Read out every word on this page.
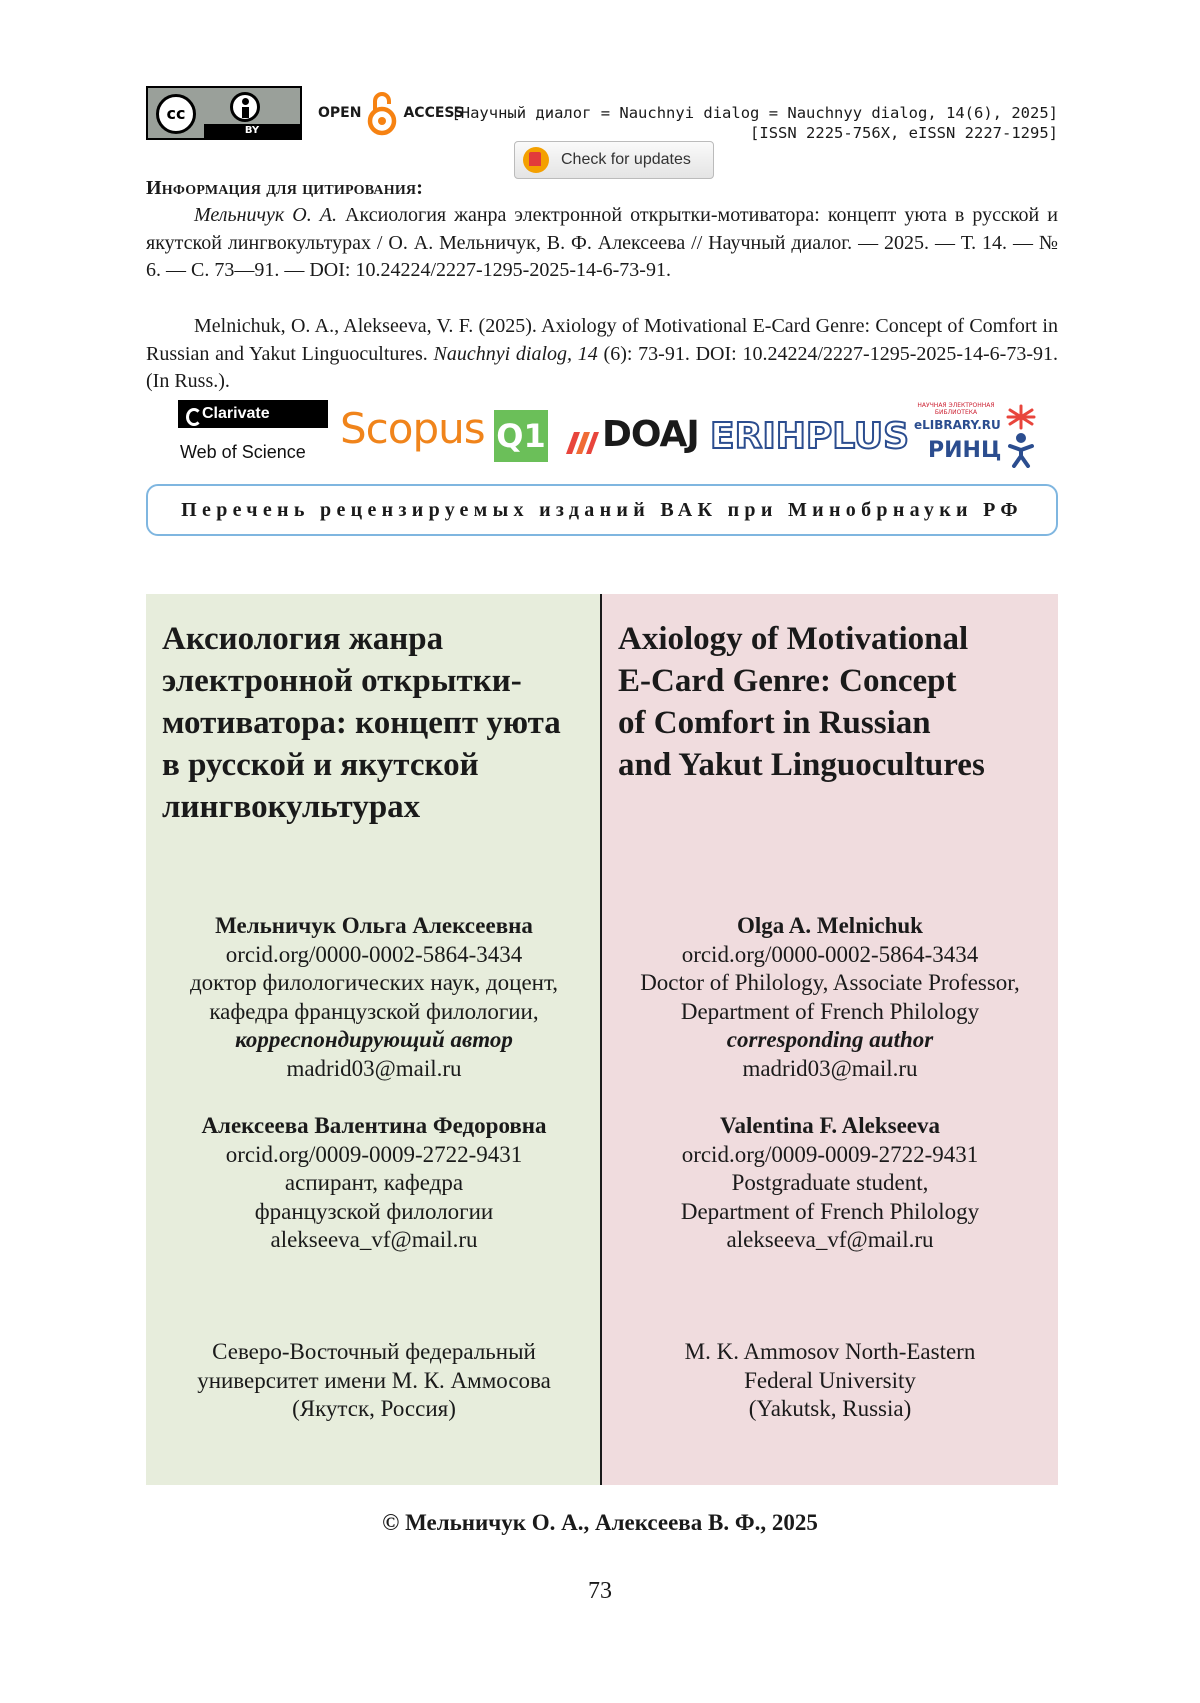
cc
BY
OPEN	ACCESS
[Научный диалог = Nauchnyi dialog = Nauchnyy dialog, 14(6), 2025]
[ISSN 2225-756X, eISSN 2227-1295]
Check for updates
Информация для цитирования:
Мельничук О. А. Аксиология жанра электронной открытки-мотиватора: концепт уюта в русской и якутской лингвокультурах / О. А. Мельничук, В. Ф. Алексеева // Научный диалог. — 2025. — Т. 14. — № 6. — С. 73—91. — DOI: 10.24224/2227-1295-2025-14-6-73-91.
Melnichuk, O. A., Alekseeva, V. F. (2025). Axiology of Motivational E-Card Genre: Concept of Comfort in Russian and Yakut Linguocultures. Nauchnyi dialog, 14 (6): 73-91. DOI: 10.24224/2227-1295-2025-14-6-73-91. (In Russ.).
Clarivate
Web of Science Scopus Q1 DOAJ ERIHPLUS
НАУЧНАЯ ЭЛЕКТРОННАЯ БИБЛИОТЕКА
eLIBRARY.RU
РИНЦ
Перечень рецензируемых изданий ВАК при Минобрнауки РФ
Аксиология жанра
электронной открытки-
мотиватора: концепт уюта
в русской и якутской
лингвокультурах
Мельничук Ольга Алексеевна
orcid.org/0000-0002-5864-3434
доктор филологических наук, доцент,
кафедра французской филологии,
корреспондирующий автор
madrid03@mail.ru
Алексеева Валентина Федоровна
orcid.org/0009-0009-2722-9431
аспирант, кафедра
французской филологии
alekseeva_vf@mail.ru
Северо-Восточный федеральный
университет имени М. К. Аммосова
(Якутск, Россия)
Axiology of Motivational
E-Card Genre: Concept
of Comfort in Russian
and Yakut Linguocultures
Olga A. Melnichuk
orcid.org/0000-0002-5864-3434
Doctor of Philology, Associate Professor,
Department of French Philology
corresponding author
madrid03@mail.ru
Valentina F. Alekseeva
orcid.org/0009-0009-2722-9431
Postgraduate student,
Department of French Philology
alekseeva_vf@mail.ru
M. K. Ammosov North-Eastern
Federal University
(Yakutsk, Russia)
© Мельничук О. А., Алексеева В. Ф., 2025
73
